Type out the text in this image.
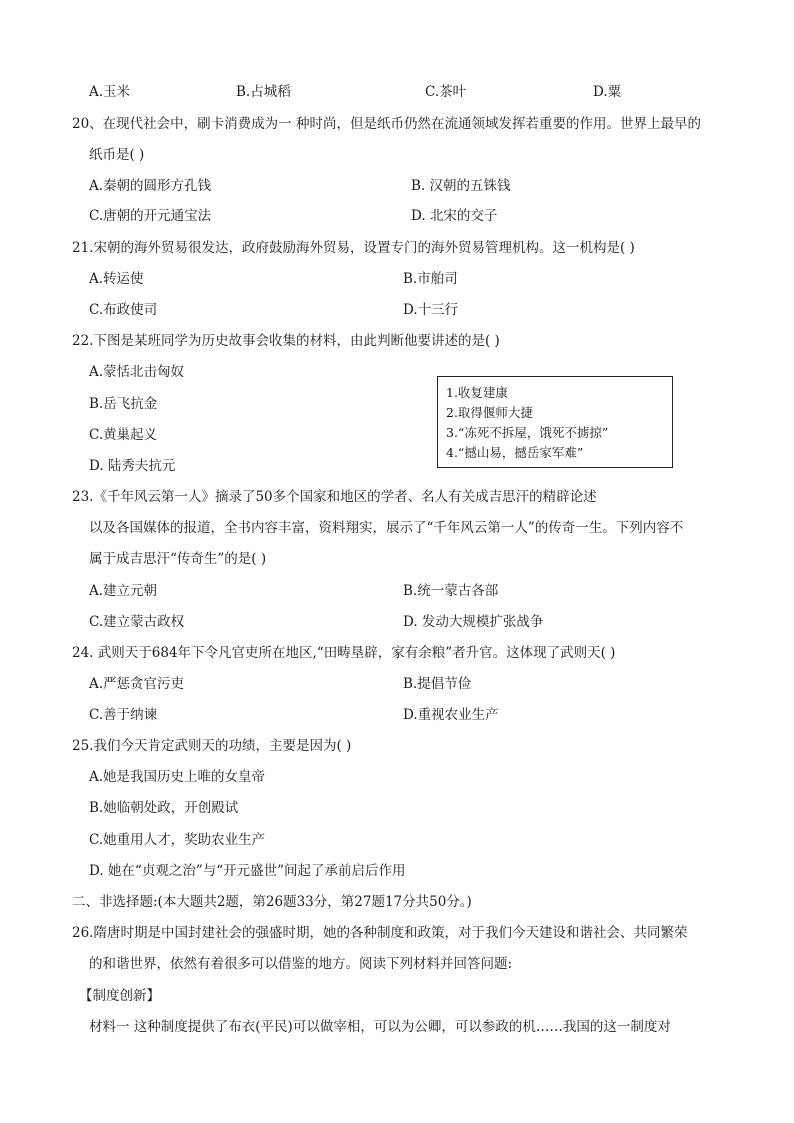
A.玉米	B.占城稻	C.茶叶	D.粟
20、在现代社会中，刷卡消费成为一 种时尚，但是纸币仍然在流通领域发挥若重要的作用。世界上最早的
纸币是( )
A.秦朝的圆形方孔钱	B. 汉朝的五铢钱
C.唐朝的开元通宝法	D. 北宋的交子
21.宋朝的海外贸易很发达，政府鼓励海外贸易，设置专门的海外贸易管理机构。这一机构是( )
A.转运使	B.市舶司
C.布政使司	D.十三行
22.下图是某班同学为历史故事会收集的材料，由此判断他要讲述的是( )
A.蒙恬北击匈奴
B.岳飞抗金
C.黄巢起义
D. 陆秀夫抗元
1.收复建康
2.取得偃师大捷
3.“冻死不拆屋，饿死不掳掠”
4.“撼山易，撼岳家军难”
23.《千年风云第一人》摘录了50多个国家和地区的学者、名人有关成吉思汗的精辟论述
以及各国媒体的报道，全书内容丰富，资料翔实，展示了“千年风云第一人”的传奇一生。下列内容不
属于成吉思汗“传奇生”的是( )
A.建立元朝	B.统一蒙古各部
C.建立蒙古政权	D. 发动大规模扩张战争
24. 武则天于684年下令凡官吏所在地区,“田畴垦辟，家有余粮”者升官。这体现了武则天( )
A.严惩贪官污吏	B.提倡节俭
C.善于纳谏	D.重视农业生产
25.我们今天肯定武则天的功绩，主要是因为( )
A.她是我国历史上唯的女皇帝
B.她临朝处政，开创殿试
C.她重用人才，奖助农业生产
D. 她在“贞观之治”与“开元盛世”间起了承前启后作用
二、非选择题:(本大题共2题，第26题33分，第27题17分共50分。)
26.隋唐时期是中国封建社会的强盛时期，她的各种制度和政策，对于我们今天建设和谐社会、共同繁荣
的和谐世界，依然有着很多可以借鉴的地方。阅读下列材料并回答问题:
【制度创新】
材料一 这种制度提供了布衣(平民)可以做宰相，可以为公卿，可以参政的机……我国的这一制度对
